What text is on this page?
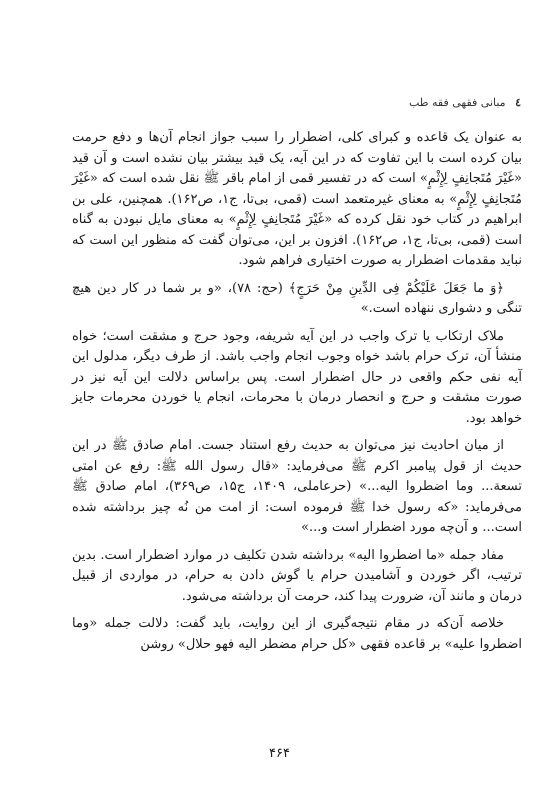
٤ مبانی فقهی فقه طب

به عنوان یک قاعده و کبرای کلی، اضطرار را سبب جواز انجام آن‌ها و دفع حرمت بیان کرده است با این تفاوت که در این آیه، یک قید بیشتر بیان نشده است و آن قید «غَیْرَ مُتَجانِفٍ لِإِثْمٍ» است که در تفسیر قمی از امام باقر ﷺ نقل شده است که «غَیْرَ مُتَجانِفٍ لِإِثْمٍ» به معنای غیرمتعمد است (قمی، بی‌تا، ج۱، ص۱۶۲). همچنین، علی بن ابراهیم در کتاب خود نقل کرده که «غَیْرَ مُتَجانِفٍ لِإِثْمٍ» به معنای مایل نبودن به گناه است (قمی، بی‌تا، ج۱، ص۱۶۲). افزون بر این، می‌توان گفت که منظور این است که نباید مقدمات اضطرار به صورت اختیاری فراهم شود.

﴿وَ ما جَعَلَ عَلَیْکُمْ فِی الدِّینِ مِنْ حَرَجٍ﴾ (حج: ۷۸)، «و بر شما در کار دین هیچ تنگی و دشواری ننهاده است.»

ملاک ارتکاب یا ترک واجب در این آیه شریفه، وجود حرج و مشقت است؛ خواه منشأ آن، ترک حرام باشد خواه وجوب انجام واجب باشد. از طرف دیگر، مدلول این آیه نفی حکم واقعی در حال اضطرار است. پس براساس دلالت این آیه نیز در صورت مشقت و حرج و انحصار درمان با محرمات، انجام یا خوردن محرمات جایز خواهد بود.

از میان احادیث نیز می‌توان به حدیث رفع استناد جست. امام صادق ﷺ در این حدیث از قول پیامبر اکرم ﷺ می‌فرماید: «قال رسول الله ﷺ: رفع عن امتی تسعة... وما اضطروا الیه...» (حرعاملی، ۱۴۰۹، ج۱۵، ص۳۶۹)، امام صادق ﷺ می‌فرماید: «که رسول خدا ﷺ فرموده است: از امت من نُه چیز برداشته شده است... و آن‌چه مورد اضطرار است و...»

مفاد جمله «ما اضطروا الیه» برداشته شدن تکلیف در موارد اضطرار است. بدین ترتیب، اگر خوردن و آشامیدن حرام یا گوش دادن به حرام، در مواردی از قبیل درمان و مانند آن، ضرورت پیدا کند، حرمت آن برداشته می‌شود.

خلاصه آن‌که در مقام نتیجه‌گیری از این روایت، باید گفت: دلالت جمله «وما اضطروا علیه» بر قاعده فقهی «کل حرام مضطر الیه فهو حلال» روشن

۴۶۴
